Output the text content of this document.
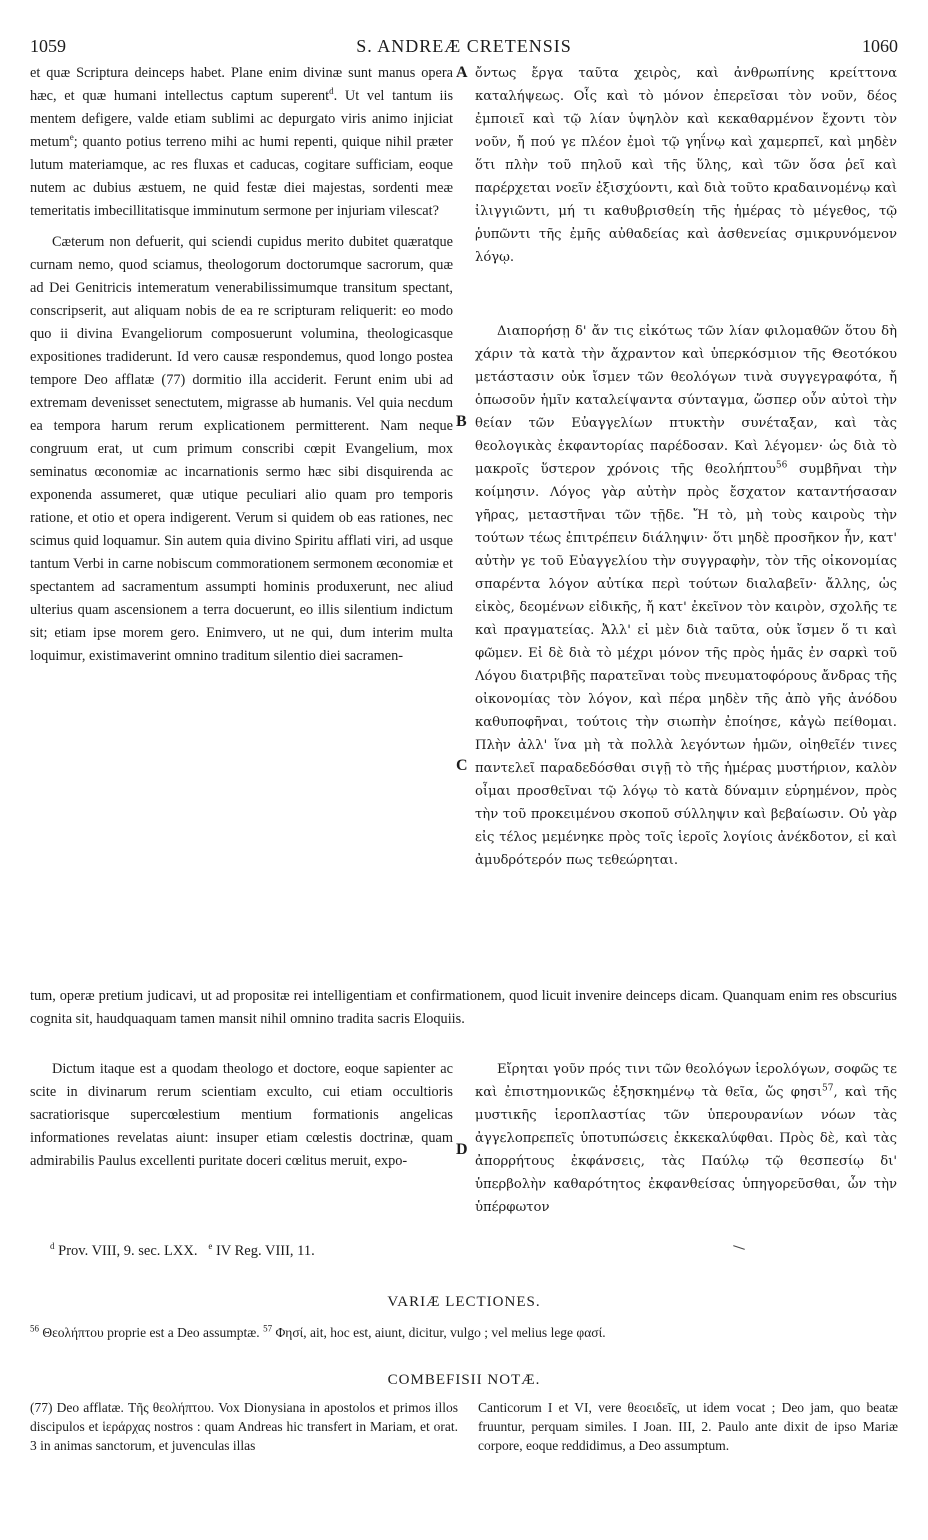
1059	S. ANDREÆ CRETENSIS	1060
A
B
C
D

et quæ Scriptura deinceps habet. Plane enim divinæ sunt manus opera hæc, et quæ humani intellectus captum superent$^d$. Ut vel tantum iis mentem defigere, valde etiam sublimi ac depurgato viris animo injiciat metum$^e$; quanto potius terreno mihi ac humi repenti, quique nihil præter lutum materiamque, ac res fluxas et caducas, cogitare sufficiam, eoque nutem ac dubius æstuem, ne quid festæ diei majestas, sordenti meæ temeritatis imbecillitatisque imminutum sermone per injuriam vilescat?

Cæterum non defuerit, qui sciendi cupidus merito dubitet quæratque curnam nemo, quod sciamus, theologorum doctorumque sacrorum, quæ ad Dei Genitricis intemeratum venerabilissimumque transitum spectant, conscripserit, aut aliquam nobis de ea re scripturam reliquerit: eo modo quo ii divina Evangeliorum composuerunt volumina, theologicasque expositiones tradiderunt. Id vero causæ respondemus, quod longo postea tempore Deo afflatæ (77) dormitio illa acciderit. Ferunt enim ubi ad extremam devenisset senectutem, migrasse ab humanis. Vel quia necdum ea tempora harum rerum explicationem permitterent. Nam neque congruum erat, ut cum primum conscribi cœpit Evangelium, mox seminatus œconomiæ ac incarnationis sermo hæc sibi disquirenda ac exponenda assumeret, quæ utique peculiari alio quam pro temporis ratione, et otio et opera indigerent. Verum si quidem ob eas rationes, nec scimus quid loquamur. Sin autem quia divino Spiritu afflati viri, ad usque tantum Verbi in carne nobiscum commorationem sermonem œconomiæ et spectantem ad sacramentum assumpti hominis produxerunt, nec aliud ulterius quam ascensionem a terra docuerunt, eo illis silentium indictum sit; etiam ipse morem gero. Enimvero, ut ne qui, dum interim multa loquimur, existimaverint omnino traditum silentio diei sacramen-

ὄντως ἔργα ταῦτα χειρὸς, καὶ ἀνθρωπίνης κρείττονα καταλήψεως. Οἷς καὶ τὸ μόνον ἐπερεῖσαι τὸν νοῦν, δέος ἐμποιεῖ καὶ τῷ λίαν ὑψηλὸν καὶ κεκαθαρμένον ἔχοντι τὸν νοῦν, ἤ πού γε πλέον ἐμοὶ τῷ γηΐνῳ καὶ χαμερπεῖ, καὶ μηδὲν ὅτι πλὴν τοῦ πηλοῦ καὶ τῆς ὕλης, καὶ τῶν ὅσα ῥεῖ καὶ παρέρχεται νοεῖν ἐξισχύοντι, καὶ διὰ τοῦτο κραδαινομένῳ καὶ ἰλιγγιῶντι, μή τι καθυβρισθείη τῆς ἡμέρας τὸ μέγεθος, τῷ ῥυπῶντι τῆς ἐμῆς αὐθαδείας καὶ ἀσθενείας σμικρυνόμενον λόγῳ.

Διαπορήσῃ δ' ἄν τις εἰκότως τῶν λίαν φιλομαθῶν ὅτου δὴ χάριν τὰ κατὰ τὴν ἄχραντον καὶ ὑπερκόσμιον τῆς Θεοτόκου μετάστασιν οὐκ ἴσμεν τῶν θεολόγων τινὰ συγγεγραφότα, ἤ ὁπωσοῦν ἡμῖν καταλείψαντα σύνταγμα, ὥσπερ οὖν αὐτοὶ τὴν θείαν τῶν Εὐαγγελίων πτυκτὴν συνέταξαν, καὶ τὰς θεολογικὰς ἐκφαντορίας παρέδοσαν. Καὶ λέγομεν· ὡς διὰ τὸ μακροῖς ὕστερον χρόνοις τῆς θεολήπτου$^{56}$ συμβῆναι τὴν κοίμησιν. Λόγος γὰρ αὐτὴν πρὸς ἔσχατον καταντήσασαν γῆρας, μεταστῆναι τῶν τῇδε. Ἤ τὸ, μὴ τοὺς καιροὺς τὴν τούτων τέως ἐπιτρέπειν διάληψιν· ὅτι μηδὲ προσῆκον ἦν, κατ' αὐτὴν γε τοῦ Εὐαγγελίου τὴν συγγραφὴν, τὸν τῆς οἰκονομίας σπαρέντα λόγον αὐτίκα περὶ τούτων διαλαβεῖν· ἄλλης, ὡς εἰκὸς, δεομένων εἰδικῆς, ἤ κατ' ἐκεῖνον τὸν καιρὸν, σχολῆς τε καὶ πραγματείας. Ἀλλ' εἰ μὲν διὰ ταῦτα, οὐκ ἴσμεν ὅ τι καὶ φῶμεν. Εἰ δὲ διὰ τὸ μέχρι μόνον τῆς πρὸς ἡμᾶς ἐν σαρκὶ τοῦ Λόγου διατριβῆς παρατεῖναι τοὺς πνευματοφόρους ἄνδρας τῆς οἰκονομίας τὸν λόγον, καὶ πέρα μηδὲν τῆς ἀπὸ γῆς ἀνόδου καθυποφῆναι, τούτοις τὴν σιωπὴν ἐποίησε, κἀγὼ πείθομαι. Πλὴν ἀλλ' ἵνα μὴ τὰ πολλὰ λεγόντων ἡμῶν, οἰηθεῖέν τινες παντελεῖ παραδεδόσθαι σιγῇ τὸ τῆς ἡμέρας μυστήριον, καλὸν οἶμαι προσθεῖναι τῷ λόγῳ τὸ κατὰ δύναμιν εὑρημένον, πρὸς τὴν τοῦ προκειμένου σκοποῦ σύλληψιν καὶ βεβαίωσιν. Οὐ γὰρ εἰς τέλος μεμένηκε πρὸς τοῖς ἱεροῖς λογίοις ἀνέκδοτον, εἰ καὶ ἀμυδρότερόν πως τεθεώρηται.

tum, operæ pretium judicavi, ut ad propositæ rei intelligentiam et confirmationem, quod licuit invenire deinceps dicam. Quanquam enim res obscurius cognita sit, haudquaquam tamen mansit nihil omnino tradita sacris Eloquiis.

Dictum itaque est a quodam theologo et doctore, eoque sapienter ac scite in divinarum rerum scientiam exculto, cui etiam occultioris sacratiorisque supercœlestium mentium formationis angelicas informationes revelatas aiunt: insuper etiam cœlestis doctrinæ, quam admirabilis Paulus excellenti puritate doceri cœlitus meruit, expo-

Εἴρηται γοῦν πρός τινι τῶν θεολόγων ἱερολόγων, σοφῶς τε καὶ ἐπιστημονικῶς ἐξησκημένῳ τὰ θεῖα, ὥς φησι$^{57}$, καὶ τῆς μυστικῆς ἱεροπλαστίας τῶν ὑπερουρανίων νόων τὰς ἀγγελοπρεπεῖς ὑποτυπώσεις ἐκκεκαλύφθαι. Πρὸς δὲ, καὶ τὰς ἀπορρήτους ἐκφάνσεις, τὰς Παύλῳ τῷ θεσπεσίῳ δι' ὑπερβολὴν καθαρότητος ἐκφανθείσας ὑπηγορεῦσθαι, ὧν τὴν ὑπέρφωτον

$^d$ Prov. VIII, 9. sec. LXX. $^e$ IV Reg. VIII, 11.
VARIÆ LECTIONES.
$^{56}$ Θεολήπτου proprie est a Deo assumptæ. $^{57}$ Φησί, ait, hoc est, aiunt, dicitur, vulgo ; vel melius lege φασί.
COMBEFISII NOTÆ.

(77) Deo afflatæ. Τῆς θεολήπτου. Vox Dionysiana in apostolos et primos illos discipulos et ἱεράρχας nostros : quam Andreas hic transfert in Mariam, et orat. 3 in animas sanctorum, et juvenculas illas

Canticorum I et VI, vere θεοειδεῖς, ut idem vocat ; Deo jam, quo beatæ fruuntur, perquam similes. I Joan. III, 2. Paulo ante dixit de ipso Mariæ corpore, eoque reddidimus, a Deo assumptum.
